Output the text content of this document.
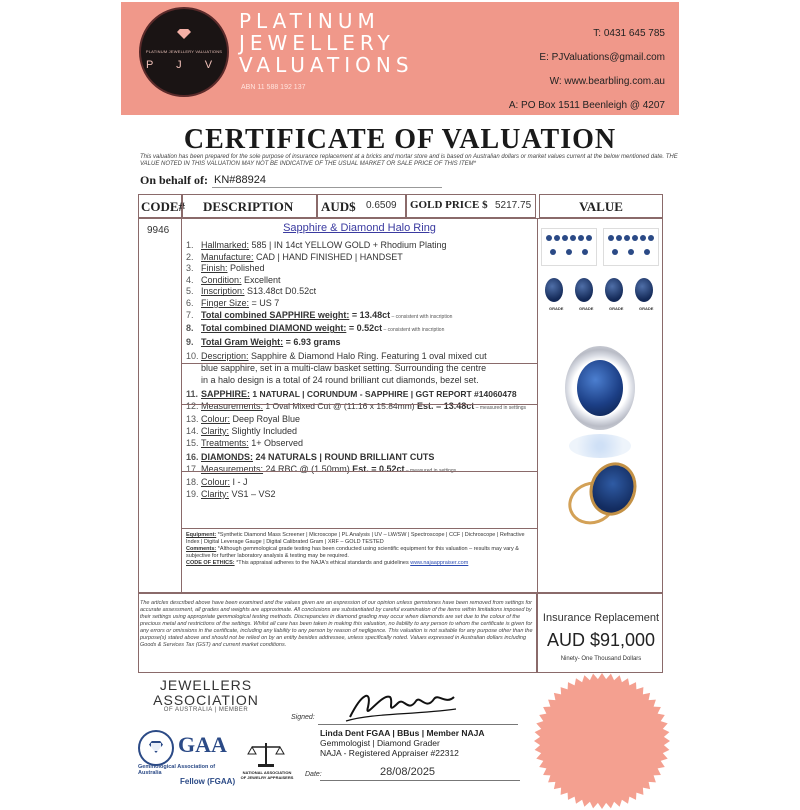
PLATINUM JEWELLERY VALUATIONS
P J V
PLATINUM
JEWELLERY
VALUATIONS
ABN 11 588 192 137
T: 0431 645 785
E: PJValuations@gmail.com
W: www.bearbling.com.au
A: PO Box 1511 Beenleigh @ 4207
CERTIFICATE OF VALUATION
This valuation has been prepared for the sole purpose of insurance replacement at a bricks and mortar store and is based on Australian dollars or market values current at the below mentioned date. THE VALUE NOTED IN THIS VALUATION MAY NOT BE INDICATIVE OF THE USUAL MARKET OR SALE PRICE OF THIS ITEM*
On behalf of: KN#88924
CODE#	DESCRIPTION	AUD$ 0.6509 GOLD PRICE $ 5217.75	VALUE
9946	Sapphire & Diamond Halo Ring
1. Hallmarked: 585 | IN 14ct YELLOW GOLD + Rhodium Plating
2. Manufacture: CAD | HAND FINISHED | HANDSET
3. Finish: Polished
4. Condition: Excellent
5. Inscription: S13.48ct D0.52ct
6. Finger Size: = US 7
7. Total combined SAPPHIRE weight: = 13.48ct – consistent with inscription
8. Total combined DIAMOND weight: = 0.52ct – consistent with inscription
9. Total Gram Weight: = 6.93 grams
10. Description: Sapphire & Diamond Halo Ring. Featuring 1 oval mixed cut
blue sapphire, set in a multi-claw basket setting. Surrounding the centre
in a halo design is a total of 24 round brilliant cut diamonds, bezel set.
11. SAPPHIRE: 1 NATURAL | CORUNDUM - SAPPHIRE | GGT REPORT #14060478
12. Measurements: 1 Oval Mixed Cut @ (11.16 x 15.84mm) Est. = 13.48ct – measured in settings
13. Colour: Deep Royal Blue
14. Clarity: Slightly Included
15. Treatments: 1+ Observed
16. DIAMONDS: 24 NATURALS | ROUND BRILLIANT CUTS
17. Measurements: 24 RBC @ (1.50mm) Est. = 0.52ct – measured in settings
18. Colour: I - J
19. Clarity: VS1 – VS2
Equipment: *Synthetic Diamond Mass Screener | Microscope | PL Analysis | UV – LW/SW | Spectroscope | CCF | Dichroscope | Refractive Index | Digital Leverage Gauge | Digital Calibrated Gram | XRF – GOLD TESTED
Comments: *Although gemmological grade testing has been conducted using scientific equipment for this valuation – results may vary & subjective for further laboratory analysis & testing may be required.
CODE OF ETHICS: *This appraisal adheres to the NAJA's ethical standards and guidelines www.najaappraiser.com
The articles described above have been examined and the values given are an expression of our opinion unless gemstones have been removed from settings for accurate assessment, all grades and weights are approximate. All conclusions are substantiated by careful examination of the items within limitations imposed by their settings using appropriate gemmological testing methods. Discrepancies in diamond grading may occur when diamonds are set due to the colour of the precious metal and restrictions of the settings. Whilst all care has been taken in making this valuation, no liability to any person to whom the certificate is given for any errors or omissions in the certificate, including any liability to any person by reason of negligence. This valuation is not suitable for any purpose other than the purpose(s) stated above and should not be relied on by an entity besides addressee, unless specifically noted. Values expressed in Australian dollars including Goods & Services Tax (GST) and current market conditions.
GRADE	GRADE	GRADE	GRADE
Insurance Replacement
AUD $91,000
Ninety- One Thousand Dollars
JEWELLERS
ASSOCIATION
OF AUSTRALIA | MEMBER
GAA
Gemmological Association of Australia
Fellow (FGAA)
NATIONAL ASSOCIATION OF JEWELRY APPRAISERS
Signed:
Linda Dent FGAA | BBus | Member NAJA
Gemmologist | Diamond Grader
NAJA - Registered Appraiser #22312
Date:	28/08/2025
